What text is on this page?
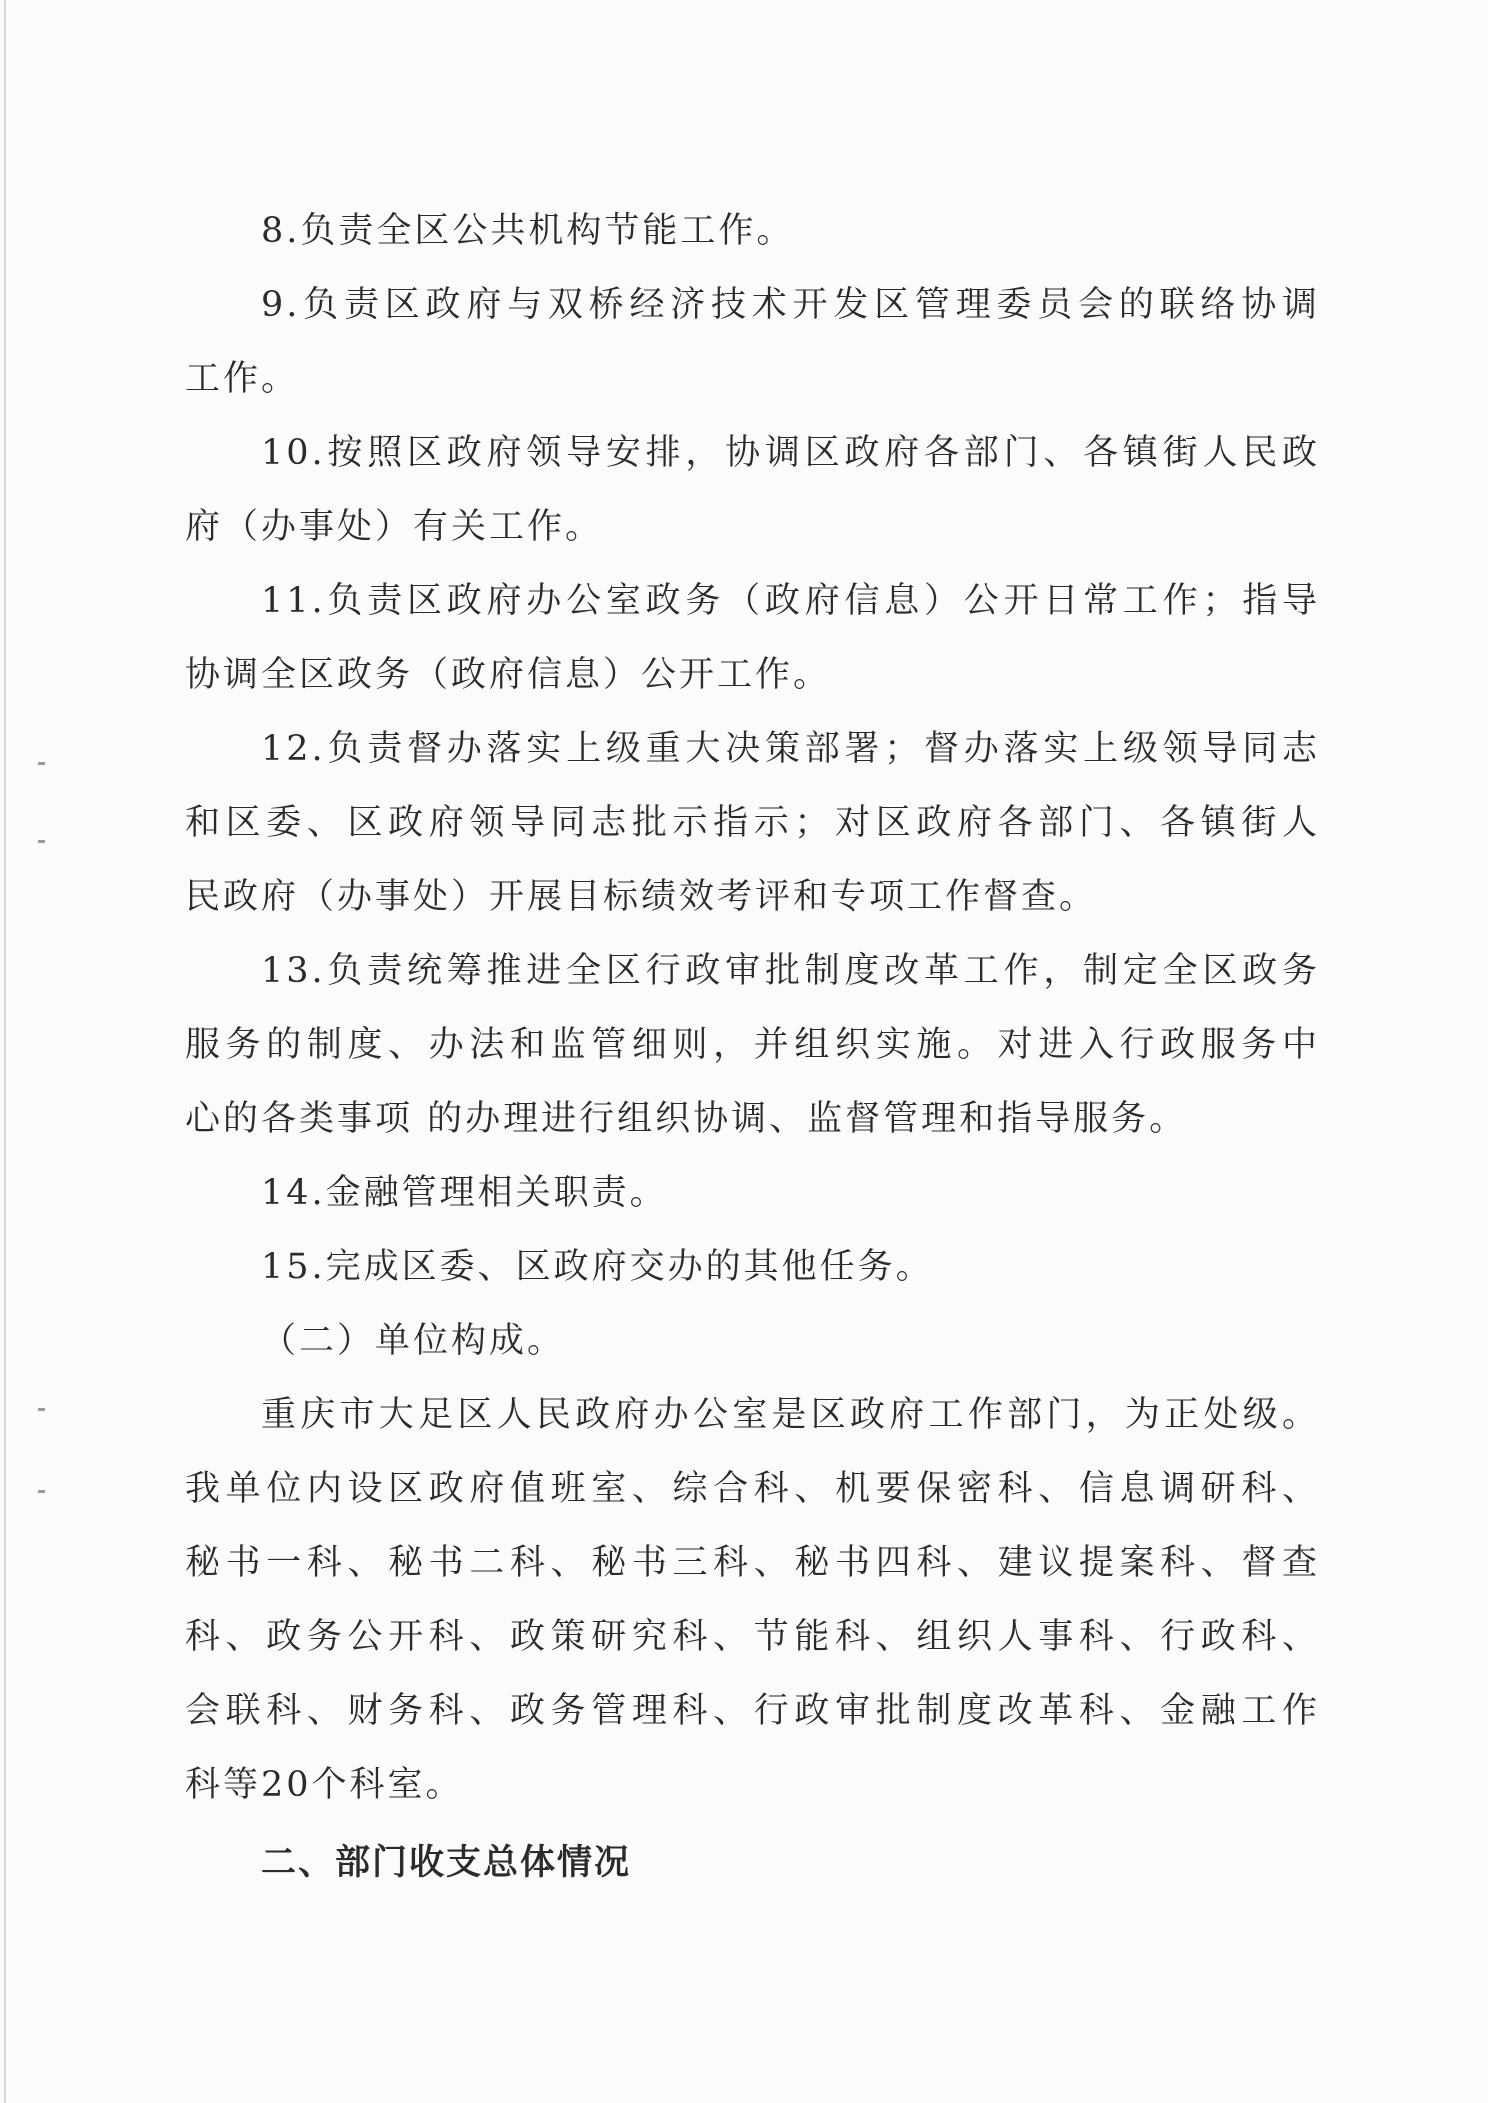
8.负责全区公共机构节能工作。
9.负责区政府与双桥经济技术开发区管理委员会的联络协调
工作。
10.按照区政府领导安排，协调区政府各部门、各镇街人民政
府（办事处）有关工作。
11.负责区政府办公室政务（政府信息）公开日常工作；指导
协调全区政务（政府信息）公开工作。
12.负责督办落实上级重大决策部署；督办落实上级领导同志
和区委、区政府领导同志批示指示；对区政府各部门、各镇街人
民政府（办事处）开展目标绩效考评和专项工作督查。
13.负责统筹推进全区行政审批制度改革工作，制定全区政务
服务的制度、办法和监管细则，并组织实施。对进入行政服务中
心的各类事项 的办理进行组织协调、监督管理和指导服务。
14.金融管理相关职责。
15.完成区委、区政府交办的其他任务。
（二）单位构成。
重庆市大足区人民政府办公室是区政府工作部门，为正处级。
我单位内设区政府值班室、综合科、机要保密科、信息调研科、
秘书一科、秘书二科、秘书三科、秘书四科、建议提案科、督查
科、政务公开科、政策研究科、节能科、组织人事科、行政科、
会联科、财务科、政务管理科、行政审批制度改革科、金融工作
科等20个科室。
二、部门收支总体情况
